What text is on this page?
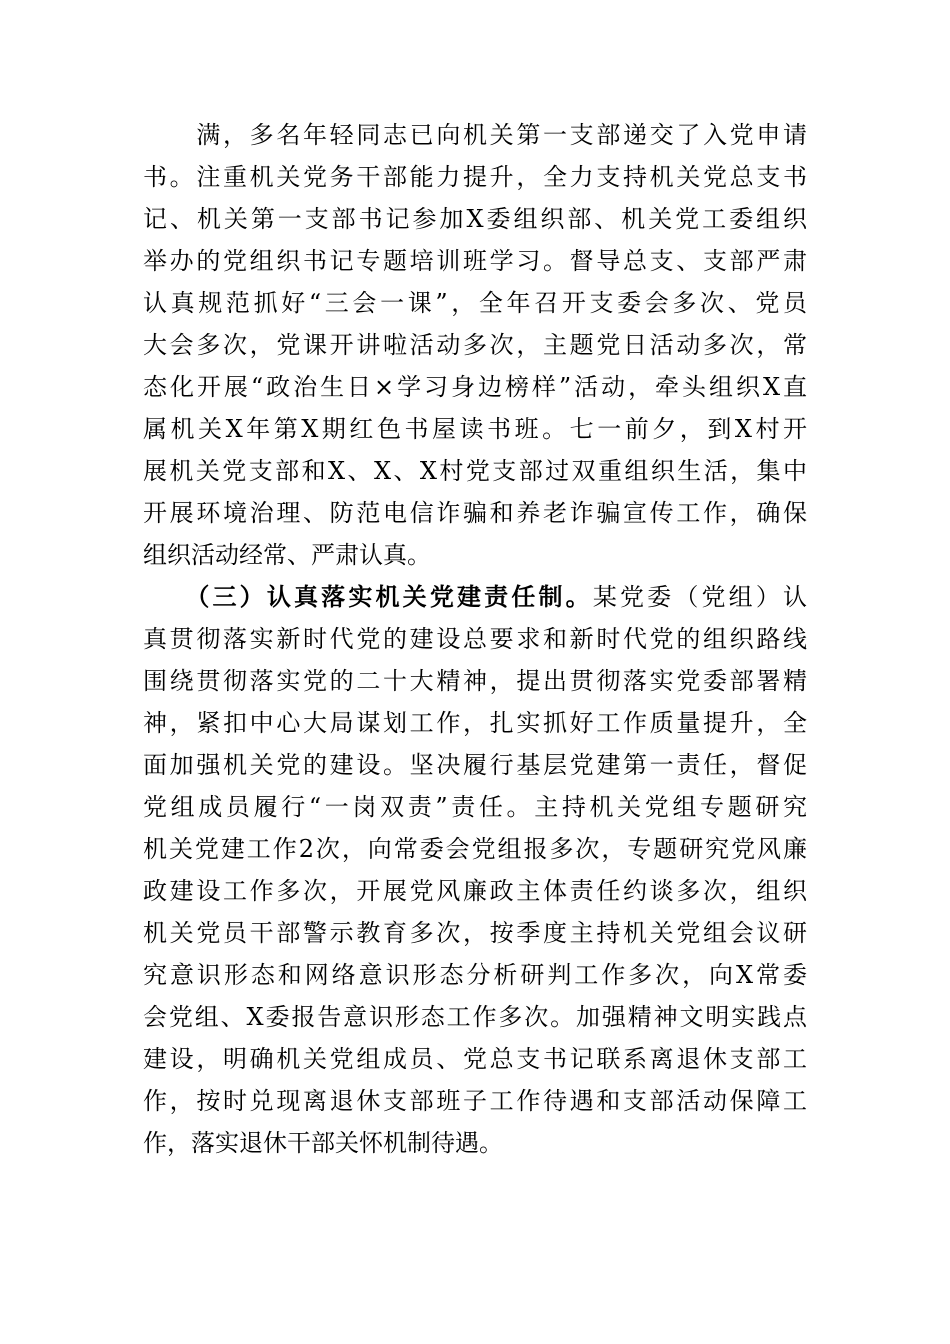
　　满，多名年轻同志已向机关第一支部递交了入党申请
书。注重机关党务干部能力提升，全力支持机关党总支书
记、机关第一支部书记参加X委组织部、机关党工委组织
举办的党组织书记专题培训班学习。督导总支、支部严肃
认真规范抓好“三会一课”，全年召开支委会多次、党员
大会多次，党课开讲啦活动多次，主题党日活动多次，常
态化开展“政治生日×学习身边榜样”活动，牵头组织X直
属机关X年第X期红色书屋读书班。七一前夕，到X村开
展机关党支部和X、X、X村党支部过双重组织生活，集中
开展环境治理、防范电信诈骗和养老诈骗宣传工作，确保
组织活动经常、严肃认真。
　　（三）认真落实机关党建责任制。某党委（党组）认
真贯彻落实新时代党的建设总要求和新时代党的组织路线
围绕贯彻落实党的二十大精神，提出贯彻落实党委部署精
神，紧扣中心大局谋划工作，扎实抓好工作质量提升，全
面加强机关党的建设。坚决履行基层党建第一责任，督促
党组成员履行“一岗双责”责任。主持机关党组专题研究
机关党建工作2次，向常委会党组报多次，专题研究党风廉
政建设工作多次，开展党风廉政主体责任约谈多次，组织
机关党员干部警示教育多次，按季度主持机关党组会议研
究意识形态和网络意识形态分析研判工作多次，向X常委
会党组、X委报告意识形态工作多次。加强精神文明实践点
建设，明确机关党组成员、党总支书记联系离退休支部工
作，按时兑现离退休支部班子工作待遇和支部活动保障工
作，落实退休干部关怀机制待遇。
